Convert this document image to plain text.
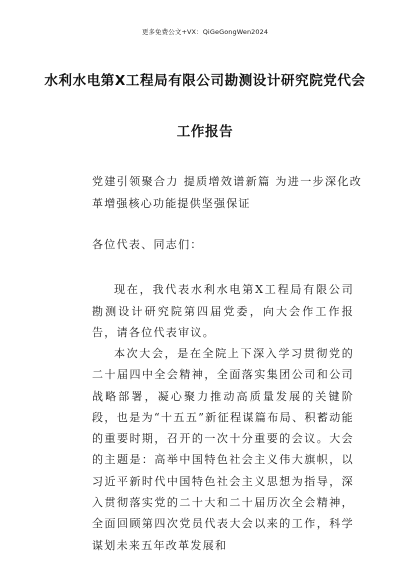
更多免费公文+VX：QiGeGongWen2024
水利水电第X工程局有限公司勘测设计研究院党代会
工作报告
党建引领聚合力 提质增效谱新篇 为进一步深化改革增强核心功能提供坚强保证
各位代表、同志们：
现在，我代表水利水电第X工程局有限公司勘测设计研究院第四届党委，向大会作工作报告，请各位代表审议。
本次大会，是在全院上下深入学习贯彻党的二十届四中全会精神，全面落实集团公司和公司战略部署，凝心聚力推动高质量发展的关键阶段，也是为“十五五”新征程谋篇布局、积蓄动能的重要时期，召开的一次十分重要的会议。大会的主题是：高举中国特色社会主义伟大旗帜，以习近平新时代中国特色社会主义思想为指导，深入贯彻落实党的二十大和二十届历次全会精神，全面回顾第四次党员代表大会以来的工作，科学谋划未来五年改革发展和
